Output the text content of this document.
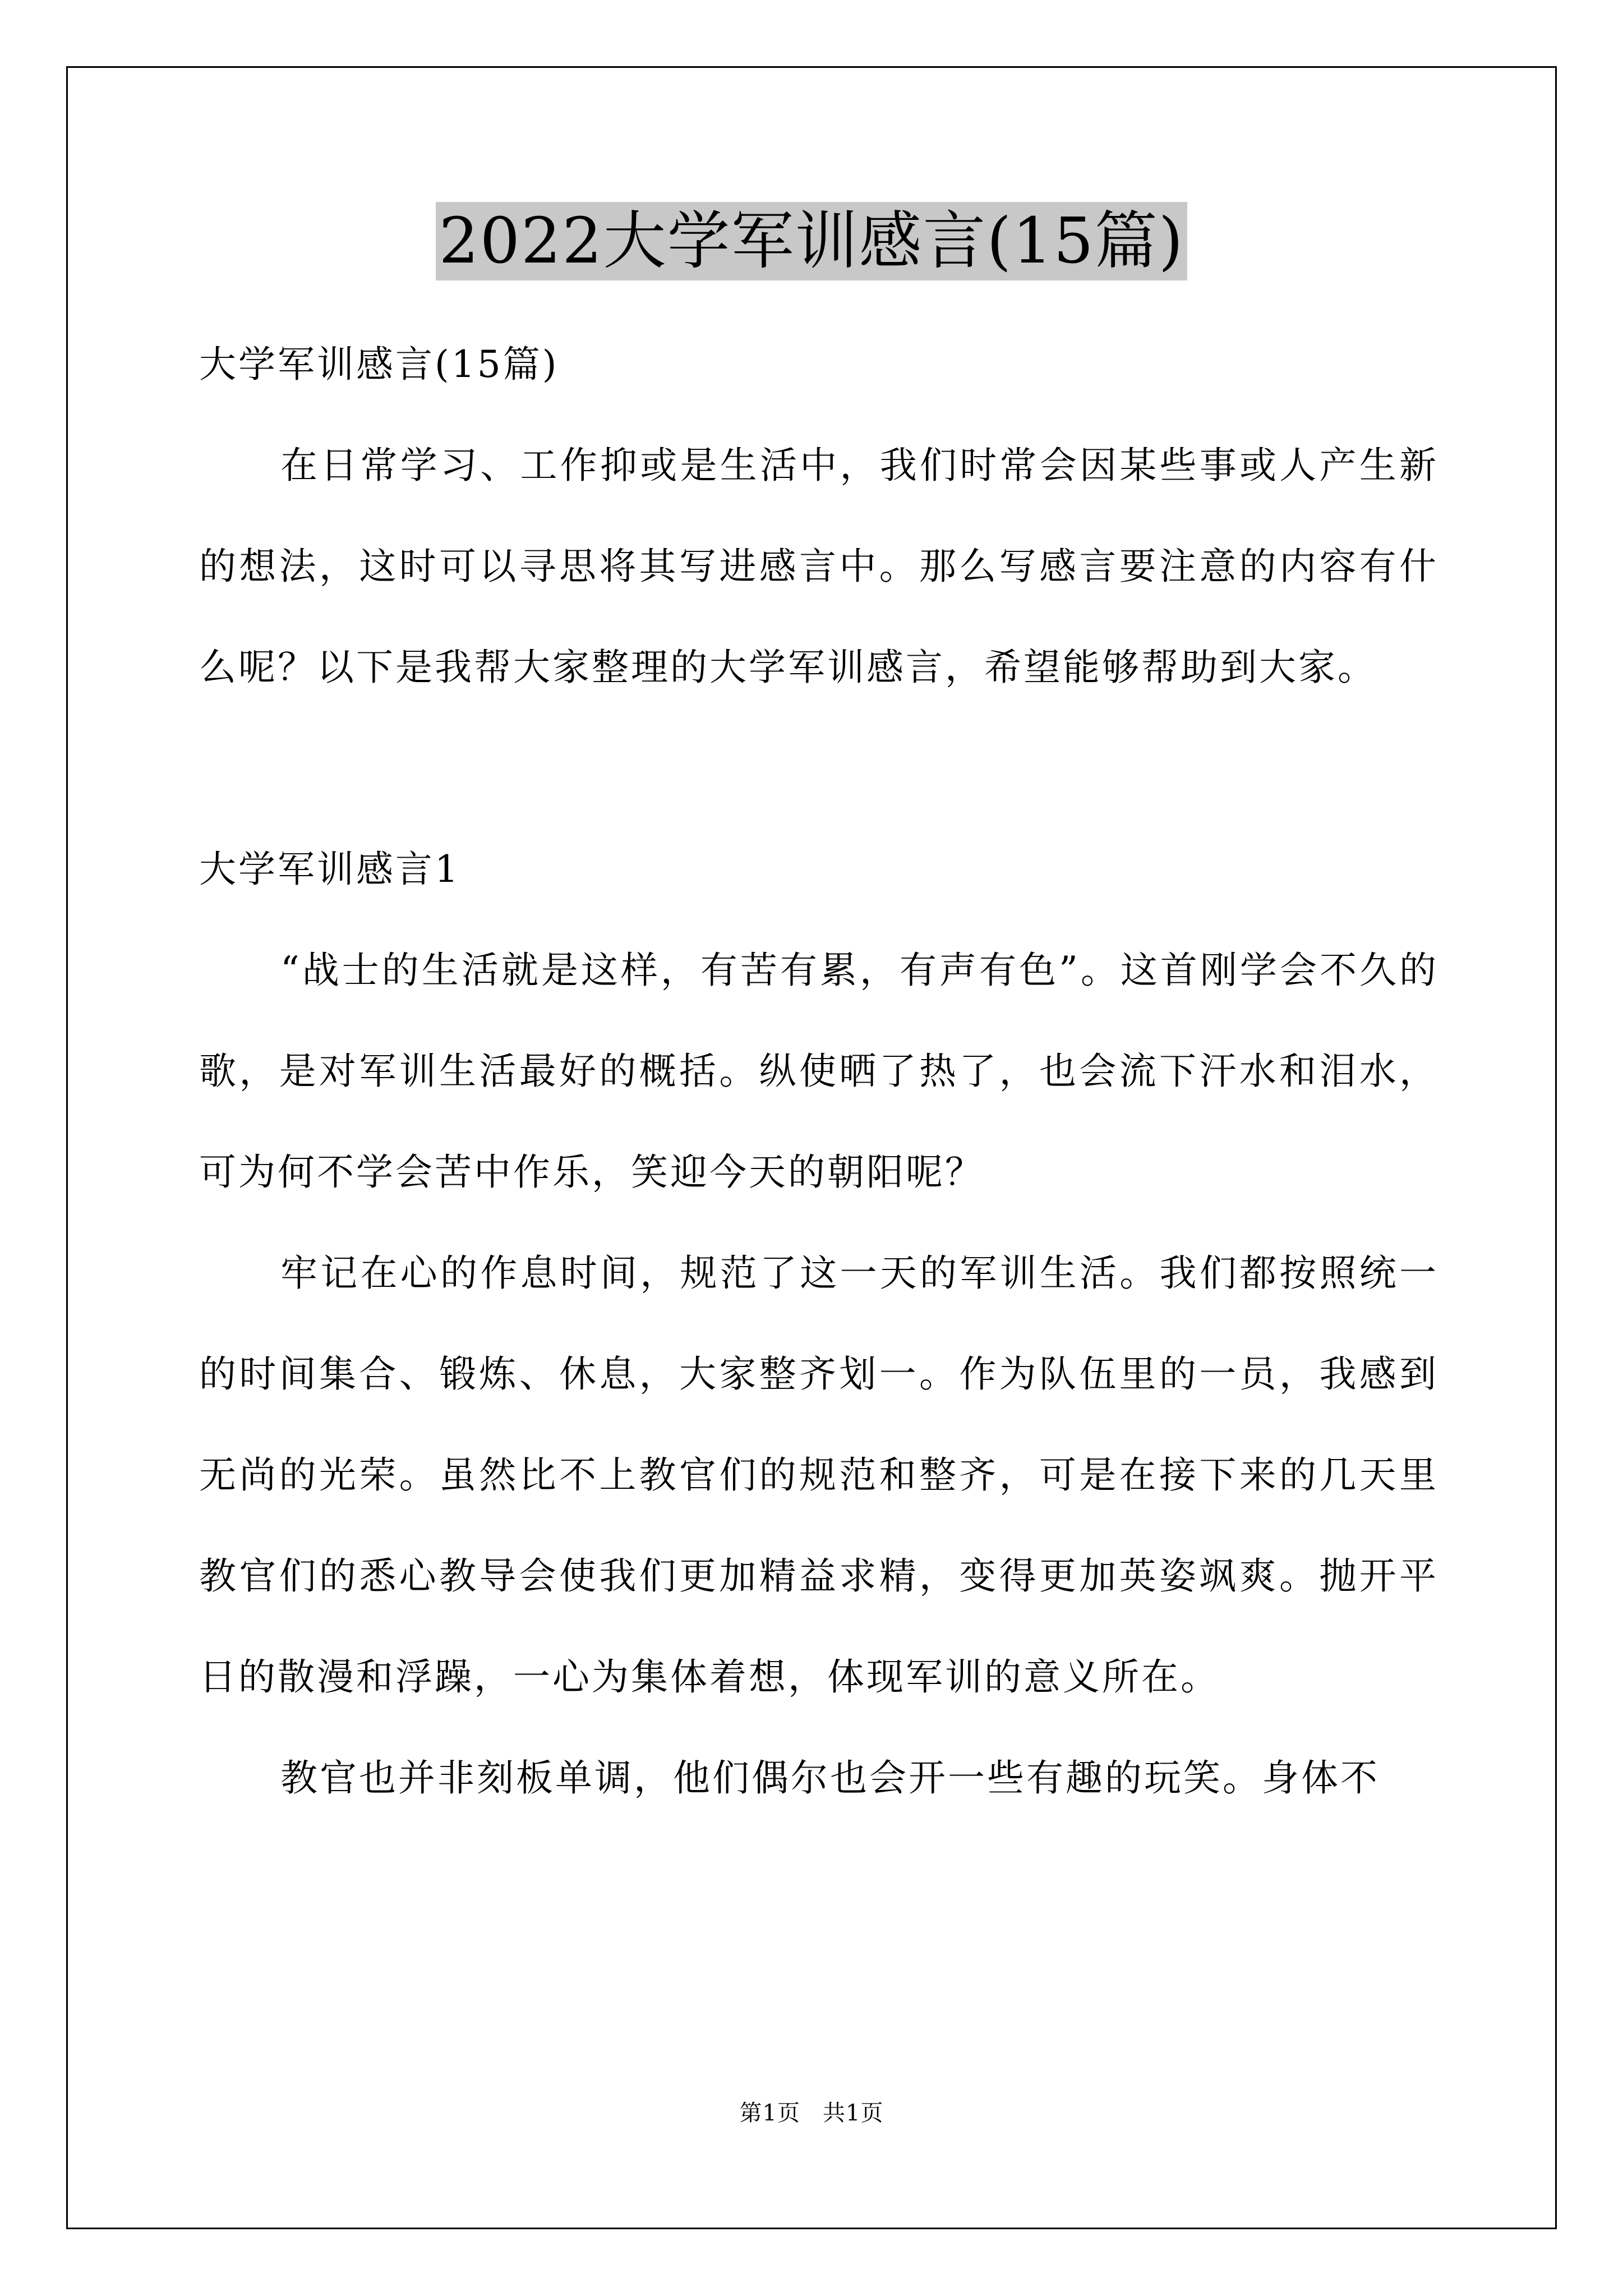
2022大学军训感言(15篇)

大学军训感言(15篇)

在日常学习、工作抑或是生活中，我们时常会因某些事或人产生新的想法，这时可以寻思将其写进感言中。那么写感言要注意的内容有什么呢？以下是我帮大家整理的大学军训感言，希望能够帮助到大家。

大学军训感言1

“战士的生活就是这样，有苦有累，有声有色”。这首刚学会不久的歌，是对军训生活最好的概括。纵使晒了热了，也会流下汗水和泪水，可为何不学会苦中作乐，笑迎今天的朝阳呢？

牢记在心的作息时间，规范了这一天的军训生活。我们都按照统一的时间集合、锻炼、休息，大家整齐划一。作为队伍里的一员，我感到无尚的光荣。虽然比不上教官们的规范和整齐，可是在接下来的几天里教官们的悉心教导会使我们更加精益求精，变得更加英姿飒爽。抛开平日的散漫和浮躁，一心为集体着想，体现军训的意义所在。

教官也并非刻板单调，他们偶尔也会开一些有趣的玩笑。身体不

第1页 共1页
